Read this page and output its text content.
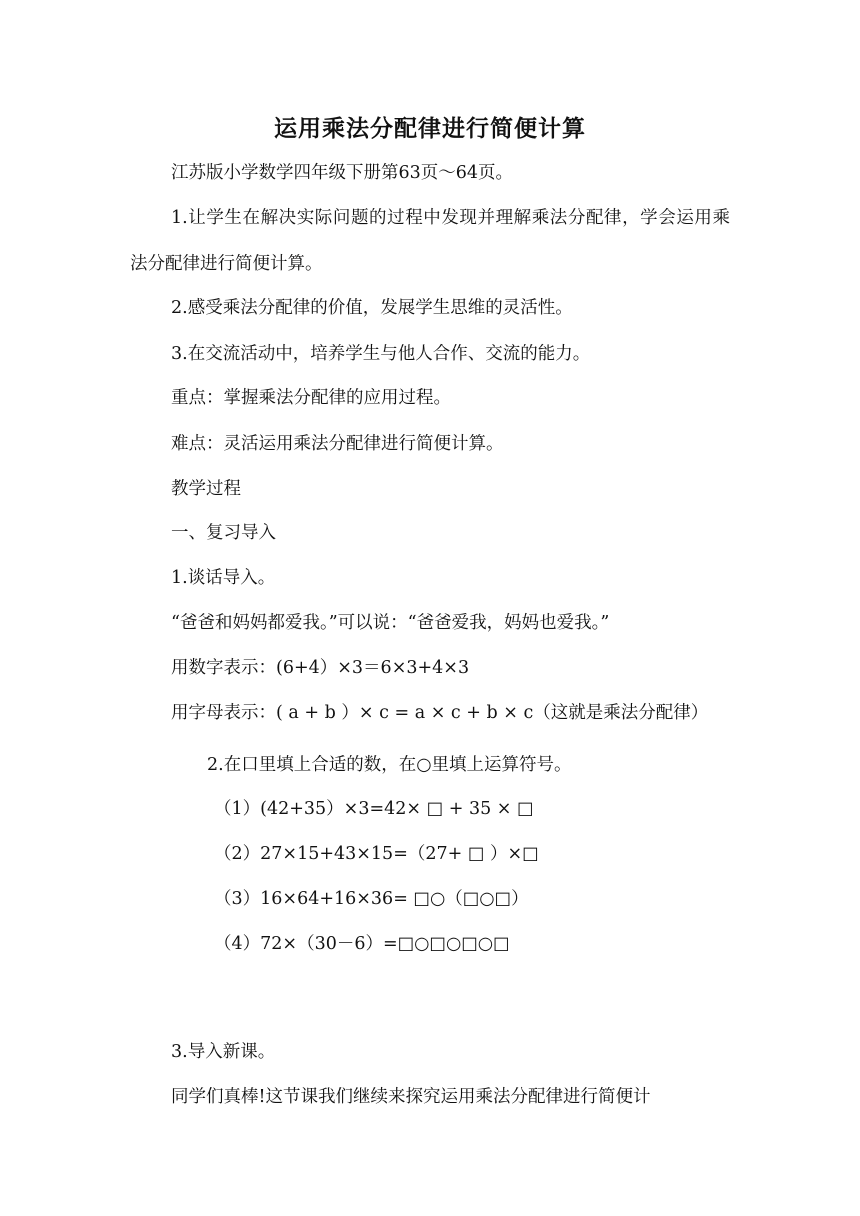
运用乘法分配律进行简便计算
江苏版小学数学四年级下册第63页～64页。
1.让学生在解决实际问题的过程中发现并理解乘法分配律，学会运用乘法分配律进行简便计算。
2.感受乘法分配律的价值，发展学生思维的灵活性。
3.在交流活动中，培养学生与他人合作、交流的能力。
重点：掌握乘法分配律的应用过程。
难点：灵活运用乘法分配律进行简便计算。
教学过程
一、复习导入
1.谈话导入。
“爸爸和妈妈都爱我。”可以说：“爸爸爱我，妈妈也爱我。”
用数字表示：(6+4）×3＝6×3+4×3
用字母表示：( a + b ）× c = a × c + b × c（这就是乘法分配律）
2.在口里填上合适的数，在○里填上运算符号。
（1）(42+35）×3=42× □ + 35 × □
（2）27×15+43×15=（27+ □ ）×□
（3）16×64+16×36= □○（□○□）
（4）72×（30－6）=□○□○□○□
3.导入新课。
同学们真棒!这节课我们继续来探究运用乘法分配律进行简便计
